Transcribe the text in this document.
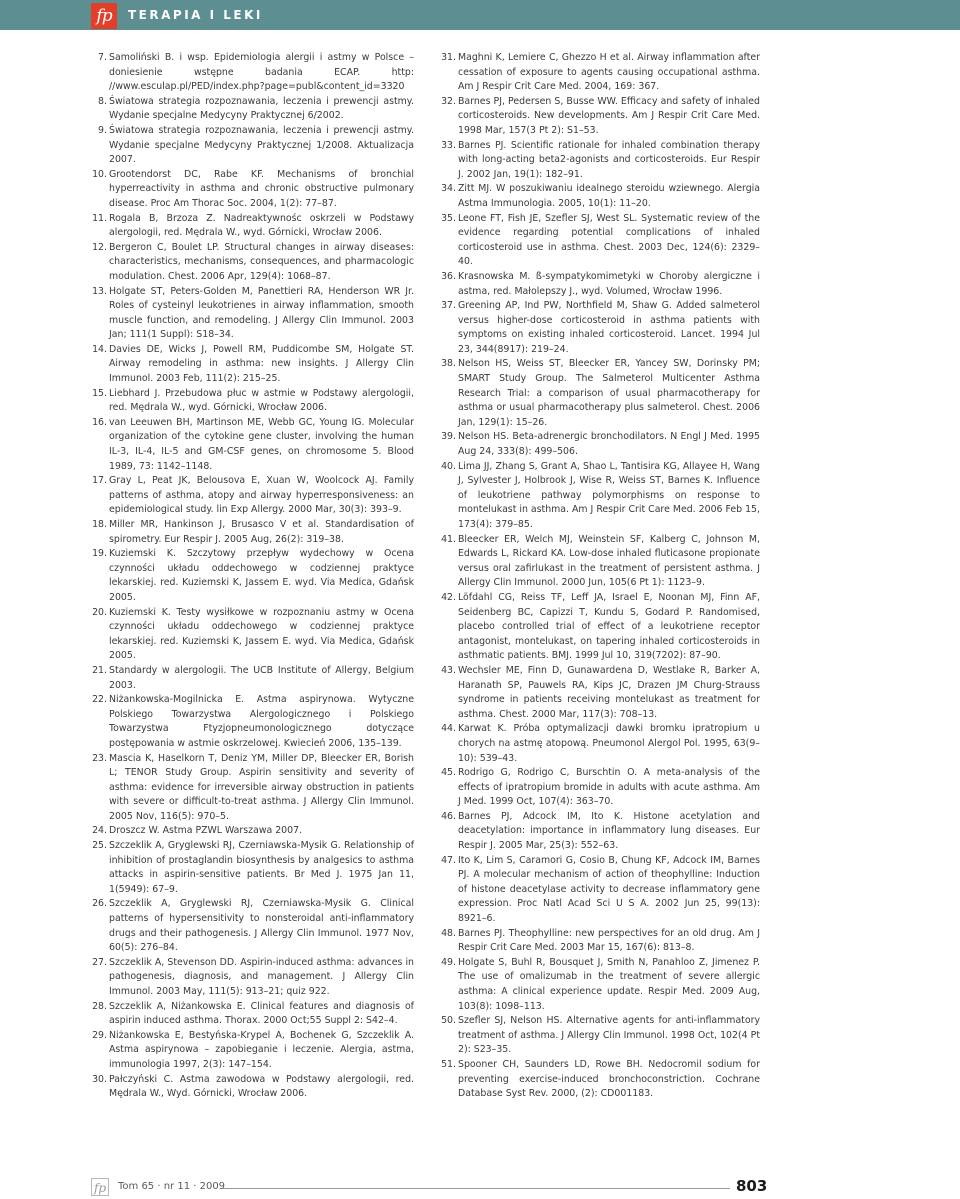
fp	TERAPIA I LEKI
7. Samoliński B. i wsp. Epidemiologia alergii i astmy w Polsce – doniesienie wstępne badania ECAP. http: //www.esculap.pl/PED/index.php?page=publ&content_id=3320
8. Światowa strategia rozpoznawania, leczenia i prewencji astmy. Wydanie specjalne Medycyny Praktycznej 6/2002.
9. Światowa strategia rozpoznawania, leczenia i prewencji astmy. Wydanie specjalne Medycyny Praktycznej 1/2008. Aktualizacja 2007.
10. Grootendorst DC, Rabe KF. Mechanisms of bronchial hyperreactivity in asthma and chronic obstructive pulmonary disease. Proc Am Thorac Soc. 2004, 1(2): 77–87.
11. Rogala B, Brzoza Z. Nadreaktywnośc oskrzeli w Podstawy alergologii, red. Mędrala W., wyd. Górnicki, Wrocław 2006.
12. Bergeron C, Boulet LP. Structural changes in airway diseases: characteristics, mechanisms, consequences, and pharmacologic modulation. Chest. 2006 Apr, 129(4): 1068–87.
13. Holgate ST, Peters-Golden M, Panettieri RA, Henderson WR Jr. Roles of cysteinyl leukotrienes in airway inflammation, smooth muscle function, and remodeling. J Allergy Clin Immunol. 2003 Jan; 111(1 Suppl): S18–34.
14. Davies DE, Wicks J, Powell RM, Puddicombe SM, Holgate ST. Airway remodeling in asthma: new insights. J Allergy Clin Immunol. 2003 Feb, 111(2): 215–25.
15. Liebhard J. Przebudowa płuc w astmie w Podstawy alergologii, red. Mędrala W., wyd. Górnicki, Wrocław 2006.
16. van Leeuwen BH, Martinson ME, Webb GC, Young IG. Molecular organization of the cytokine gene cluster, involving the human IL-3, IL-4, IL-5 and GM-CSF genes, on chromosome 5. Blood 1989, 73: 1142–1148.
17. Gray L, Peat JK, Belousova E, Xuan W, Woolcock AJ. Family patterns of asthma, atopy and airway hyperresponsiveness: an epidemiological study. lin Exp Allergy. 2000 Mar, 30(3): 393–9.
18. Miller MR, Hankinson J, Brusasco V et al. Standardisation of spirometry. Eur Respir J. 2005 Aug, 26(2): 319–38.
19. Kuziemski K. Szczytowy przepływ wydechowy w Ocena czynności układu oddechowego w codziennej praktyce lekarskiej. red. Kuziemski K, Jassem E. wyd. Via Medica, Gdańsk 2005.
20. Kuziemski K. Testy wysiłkowe w rozpoznaniu astmy w Ocena czynności układu oddechowego w codziennej praktyce lekarskiej. red. Kuziemski K, Jassem E. wyd. Via Medica, Gdańsk 2005.
21. Standardy w alergologii. The UCB Institute of Allergy, Belgium 2003.
22. Niżankowska-Mogilnicka E. Astma aspirynowa. Wytyczne Polskiego Towarzystwa Alergologicznego i Polskiego Towarzystwa Ftyzjopneumonologicznego dotyczące postępowania w astmie oskrzelowej. Kwiecień 2006, 135–139.
23. Mascia K, Haselkorn T, Deniz YM, Miller DP, Bleecker ER, Borish L; TENOR Study Group. Aspirin sensitivity and severity of asthma: evidence for irreversible airway obstruction in patients with severe or difficult-to-treat asthma. J Allergy Clin Immunol. 2005 Nov, 116(5): 970–5.
24. Droszcz W. Astma PZWL Warszawa 2007.
25. Szczeklik A, Gryglewski RJ, Czerniawska-Mysik G. Relationship of inhibition of prostaglandin biosynthesis by analgesics to asthma attacks in aspirin-sensitive patients. Br Med J. 1975 Jan 11, 1(5949): 67–9.
26. Szczeklik A, Gryglewski RJ, Czerniawska-Mysik G. Clinical patterns of hypersensitivity to nonsteroidal anti-inflammatory drugs and their pathogenesis. J Allergy Clin Immunol. 1977 Nov, 60(5): 276–84.
27. Szczeklik A, Stevenson DD. Aspirin-induced asthma: advances in pathogenesis, diagnosis, and management. J Allergy Clin Immunol. 2003 May, 111(5): 913–21; quiz 922.
28. Szczeklik A, Niżankowska E. Clinical features and diagnosis of aspirin induced asthma. Thorax. 2000 Oct;55 Suppl 2: S42–4.
29. Niżankowska E, Bestyńska-Krypel A, Bochenek G, Szczeklik A. Astma aspirynowa – zapobieganie i leczenie. Alergia, astma, immunologia 1997, 2(3): 147–154.
30. Pałczyński C. Astma zawodowa w Podstawy alergologii, red. Mędrala W., Wyd. Górnicki, Wrocław 2006.
31. Maghni K, Lemiere C, Ghezzo H et al. Airway inflammation after cessation of exposure to agents causing occupational asthma. Am J Respir Crit Care Med. 2004, 169: 367.
32. Barnes PJ, Pedersen S, Busse WW. Efficacy and safety of inhaled corticosteroids. New developments. Am J Respir Crit Care Med. 1998 Mar, 157(3 Pt 2): S1–53.
33. Barnes PJ. Scientific rationale for inhaled combination therapy with long-acting beta2-agonists and corticosteroids. Eur Respir J. 2002 Jan, 19(1): 182–91.
34. Zitt MJ. W poszukiwaniu idealnego steroidu wziewnego. Alergia Astma Immunologia. 2005, 10(1): 11–20.
35. Leone FT, Fish JE, Szefler SJ, West SL. Systematic review of the evidence regarding potential complications of inhaled corticosteroid use in asthma. Chest. 2003 Dec, 124(6): 2329–40.
36. Krasnowska M. ß-sympatykomimetyki w Choroby alergiczne i astma, red. Małolepszy J., wyd. Volumed, Wrocław 1996.
37. Greening AP, Ind PW, Northfield M, Shaw G. Added salmeterol versus higher-dose corticosteroid in asthma patients with symptoms on existing inhaled corticosteroid. Lancet. 1994 Jul 23, 344(8917): 219–24.
38. Nelson HS, Weiss ST, Bleecker ER, Yancey SW, Dorinsky PM; SMART Study Group. The Salmeterol Multicenter Asthma Research Trial: a comparison of usual pharmacotherapy for asthma or usual pharmacotherapy plus salmeterol. Chest. 2006 Jan, 129(1): 15–26.
39. Nelson HS. Beta-adrenergic bronchodilators. N Engl J Med. 1995 Aug 24, 333(8): 499–506.
40. Lima JJ, Zhang S, Grant A, Shao L, Tantisira KG, Allayee H, Wang J, Sylvester J, Holbrook J, Wise R, Weiss ST, Barnes K. Influence of leukotriene pathway polymorphisms on response to montelukast in asthma. Am J Respir Crit Care Med. 2006 Feb 15, 173(4): 379–85.
41. Bleecker ER, Welch MJ, Weinstein SF, Kalberg C, Johnson M, Edwards L, Rickard KA. Low-dose inhaled fluticasone propionate versus oral zafirlukast in the treatment of persistent asthma. J Allergy Clin Immunol. 2000 Jun, 105(6 Pt 1): 1123–9.
42. Löfdahl CG, Reiss TF, Leff JA, Israel E, Noonan MJ, Finn AF, Seidenberg BC, Capizzi T, Kundu S, Godard P. Randomised, placebo controlled trial of effect of a leukotriene receptor antagonist, montelukast, on tapering inhaled corticosteroids in asthmatic patients. BMJ. 1999 Jul 10, 319(7202): 87–90.
43. Wechsler ME, Finn D, Gunawardena D, Westlake R, Barker A, Haranath SP, Pauwels RA, Kips JC, Drazen JM Churg-Strauss syndrome in patients receiving montelukast as treatment for asthma. Chest. 2000 Mar, 117(3): 708–13.
44. Karwat K. Próba optymalizacji dawki bromku ipratropium u chorych na astmę atopową. Pneumonol Alergol Pol. 1995, 63(9–10): 539–43.
45. Rodrigo G, Rodrigo C, Burschtin O. A meta-analysis of the effects of ipratropium bromide in adults with acute asthma. Am J Med. 1999 Oct, 107(4): 363–70.
46. Barnes PJ, Adcock IM, Ito K. Histone acetylation and deacetylation: importance in inflammatory lung diseases. Eur Respir J. 2005 Mar, 25(3): 552–63.
47. Ito K, Lim S, Caramori G, Cosio B, Chung KF, Adcock IM, Barnes PJ. A molecular mechanism of action of theophylline: Induction of histone deacetylase activity to decrease inflammatory gene expression. Proc Natl Acad Sci U S A. 2002 Jun 25, 99(13): 8921–6.
48. Barnes PJ. Theophylline: new perspectives for an old drug. Am J Respir Crit Care Med. 2003 Mar 15, 167(6): 813–8.
49. Holgate S, Buhl R, Bousquet J, Smith N, Panahloo Z, Jimenez P. The use of omalizumab in the treatment of severe allergic asthma: A clinical experience update. Respir Med. 2009 Aug, 103(8): 1098–113.
50. Szefler SJ, Nelson HS. Alternative agents for anti-inflammatory treatment of asthma. J Allergy Clin Immunol. 1998 Oct, 102(4 Pt 2): S23–35.
51. Spooner CH, Saunders LD, Rowe BH. Nedocromil sodium for preventing exercise-induced bronchoconstriction. Cochrane Database Syst Rev. 2000, (2): CD001183.
fp Tom 65 · nr 11 · 2009	803
